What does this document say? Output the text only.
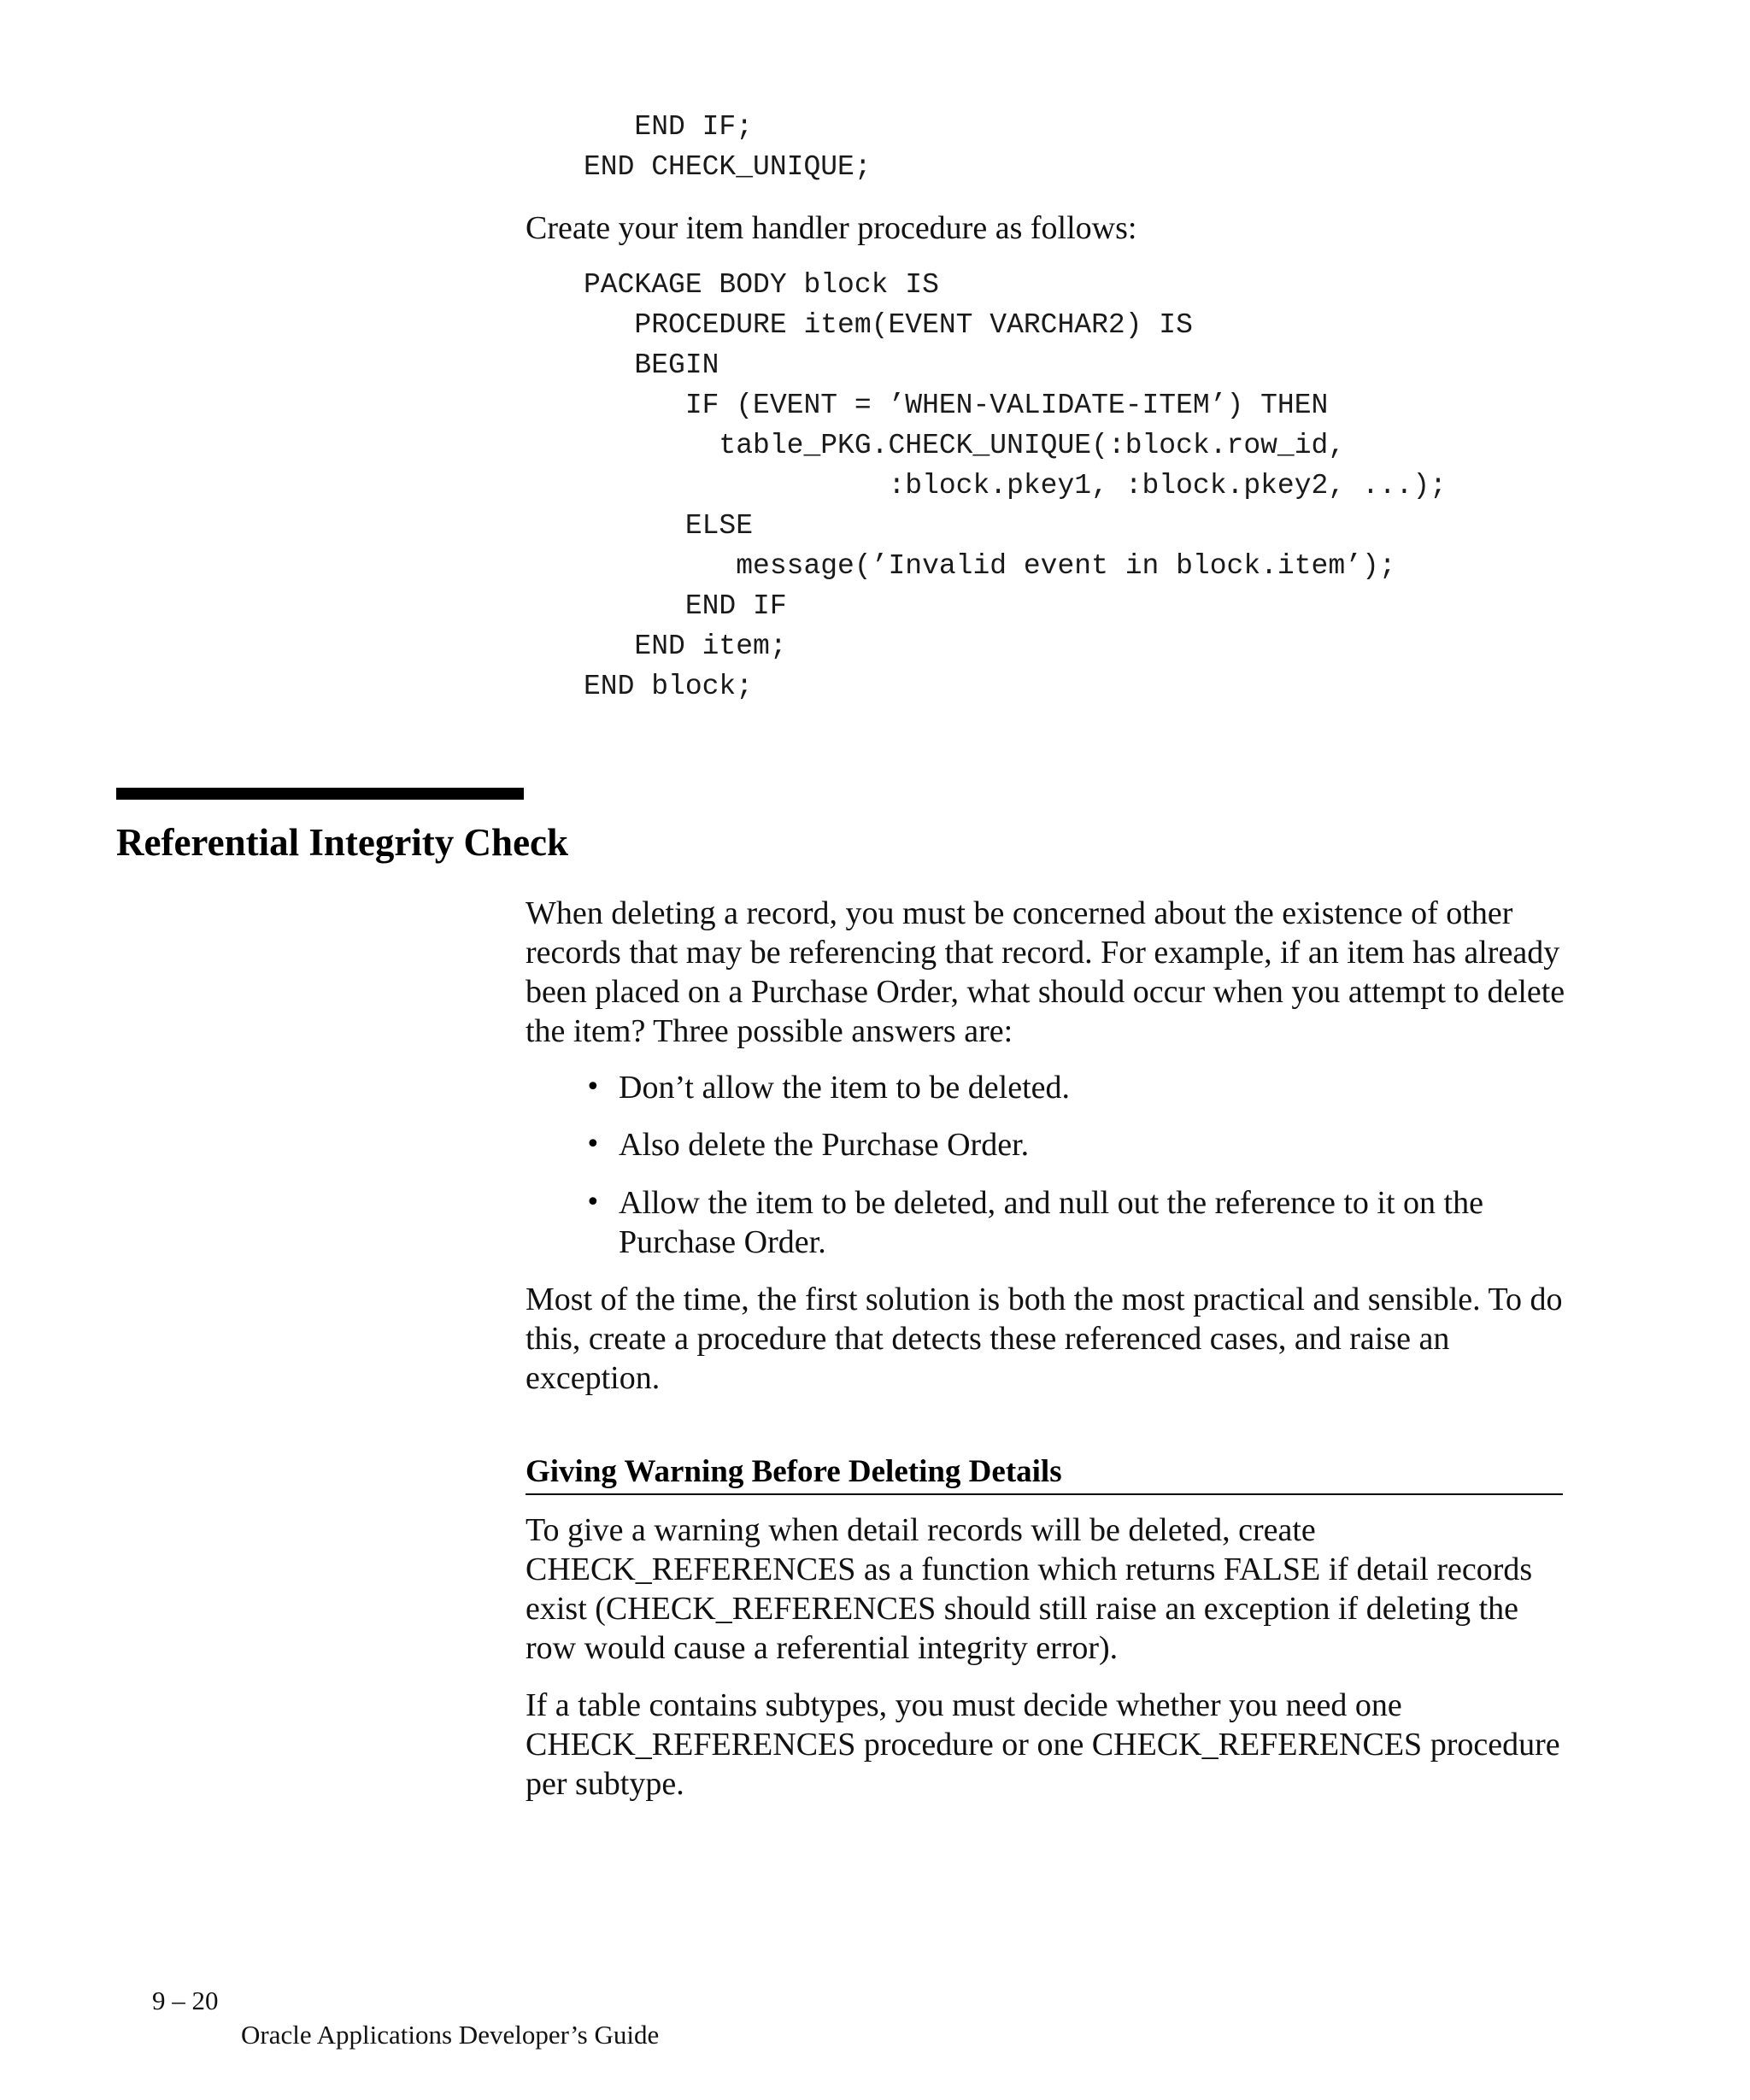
END IF;

END CHECK_UNIQUE;

Create your item handler procedure as follows:

PACKAGE BODY block IS

PROCEDURE item(EVENT VARCHAR2) IS

BEGIN

IF (EVENT = ’WHEN-VALIDATE-ITEM’) THEN

table_PKG.CHECK_UNIQUE(:block.row_id,

:block.pkey1, :block.pkey2, ...);

ELSE

message(’Invalid event in block.item’);

END IF

END item;

END block;

Referential Integrity Check

When deleting a record, you must be concerned about the existence of other records that may be referencing that record. For example, if an item has already been placed on a Purchase Order, what should occur when you attempt to delete the item? Three possible answers are:

• Don’t allow the item to be deleted.
• Also delete the Purchase Order.
• Allow the item to be deleted, and null out the reference to it on the Purchase Order.

Most of the time, the first solution is both the most practical and sensible. To do this, create a procedure that detects these referenced cases, and raise an exception.

Giving Warning Before Deleting Details

To give a warning when detail records will be deleted, create CHECK_REFERENCES as a function which returns FALSE if detail records exist (CHECK_REFERENCES should still raise an exception if deleting the row would cause a referential integrity error).

If a table contains subtypes, you must decide whether you need one CHECK_REFERENCES procedure or one CHECK_REFERENCES procedure per subtype.

9 – 20

Oracle Applications Developer’s Guide
